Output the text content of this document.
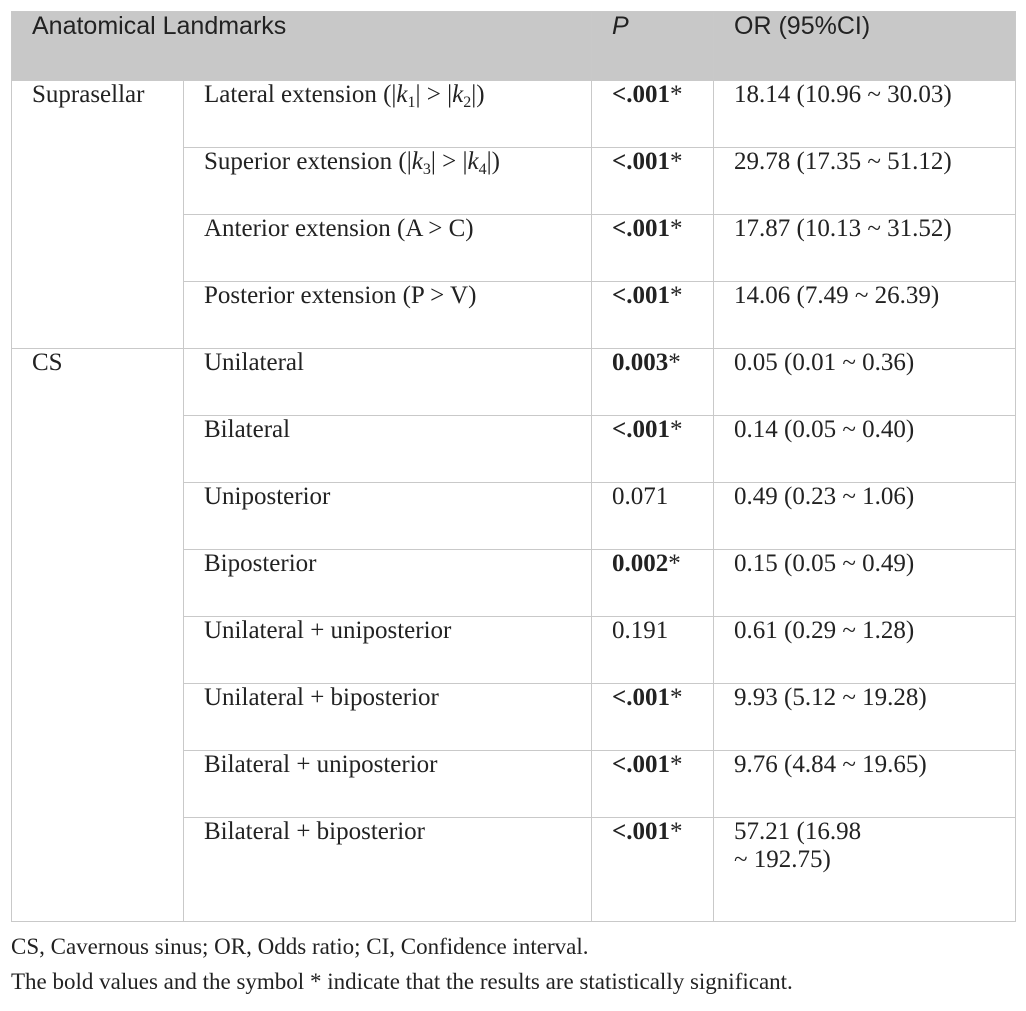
Anatomical Landmarks		P	OR (95%CI)
Suprasellar	Lateral extension $(|k_1| > |k_2|)$	<.001*	18.14 (10.96 ~ 30.03)
	Superior extension $(|k_3| > |k_4|)$	<.001*	29.78 (17.35 ~ 51.12)
	Anterior extension (A > C)	<.001*	17.87 (10.13 ~ 31.52)
	Posterior extension (P > V)	<.001*	14.06 (7.49 ~ 26.39)
CS	Unilateral	0.003*	0.05 (0.01 ~ 0.36)
	Bilateral	<.001*	0.14 (0.05 ~ 0.40)
	Uniposterior	0.071	0.49 (0.23 ~ 1.06)
	Biposterior	0.002*	0.15 (0.05 ~ 0.49)
	Unilateral + uniposterior	0.191	0.61 (0.29 ~ 1.28)
	Unilateral + biposterior	<.001*	9.93 (5.12 ~ 19.28)
	Bilateral + uniposterior	<.001*	9.76 (4.84 ~ 19.65)
	Bilateral + biposterior	<.001*	57.21 (16.98
~ 192.75)
CS, Cavernous sinus; OR, Odds ratio; CI, Confidence interval.
The bold values and the symbol * indicate that the results are statistically significant.
